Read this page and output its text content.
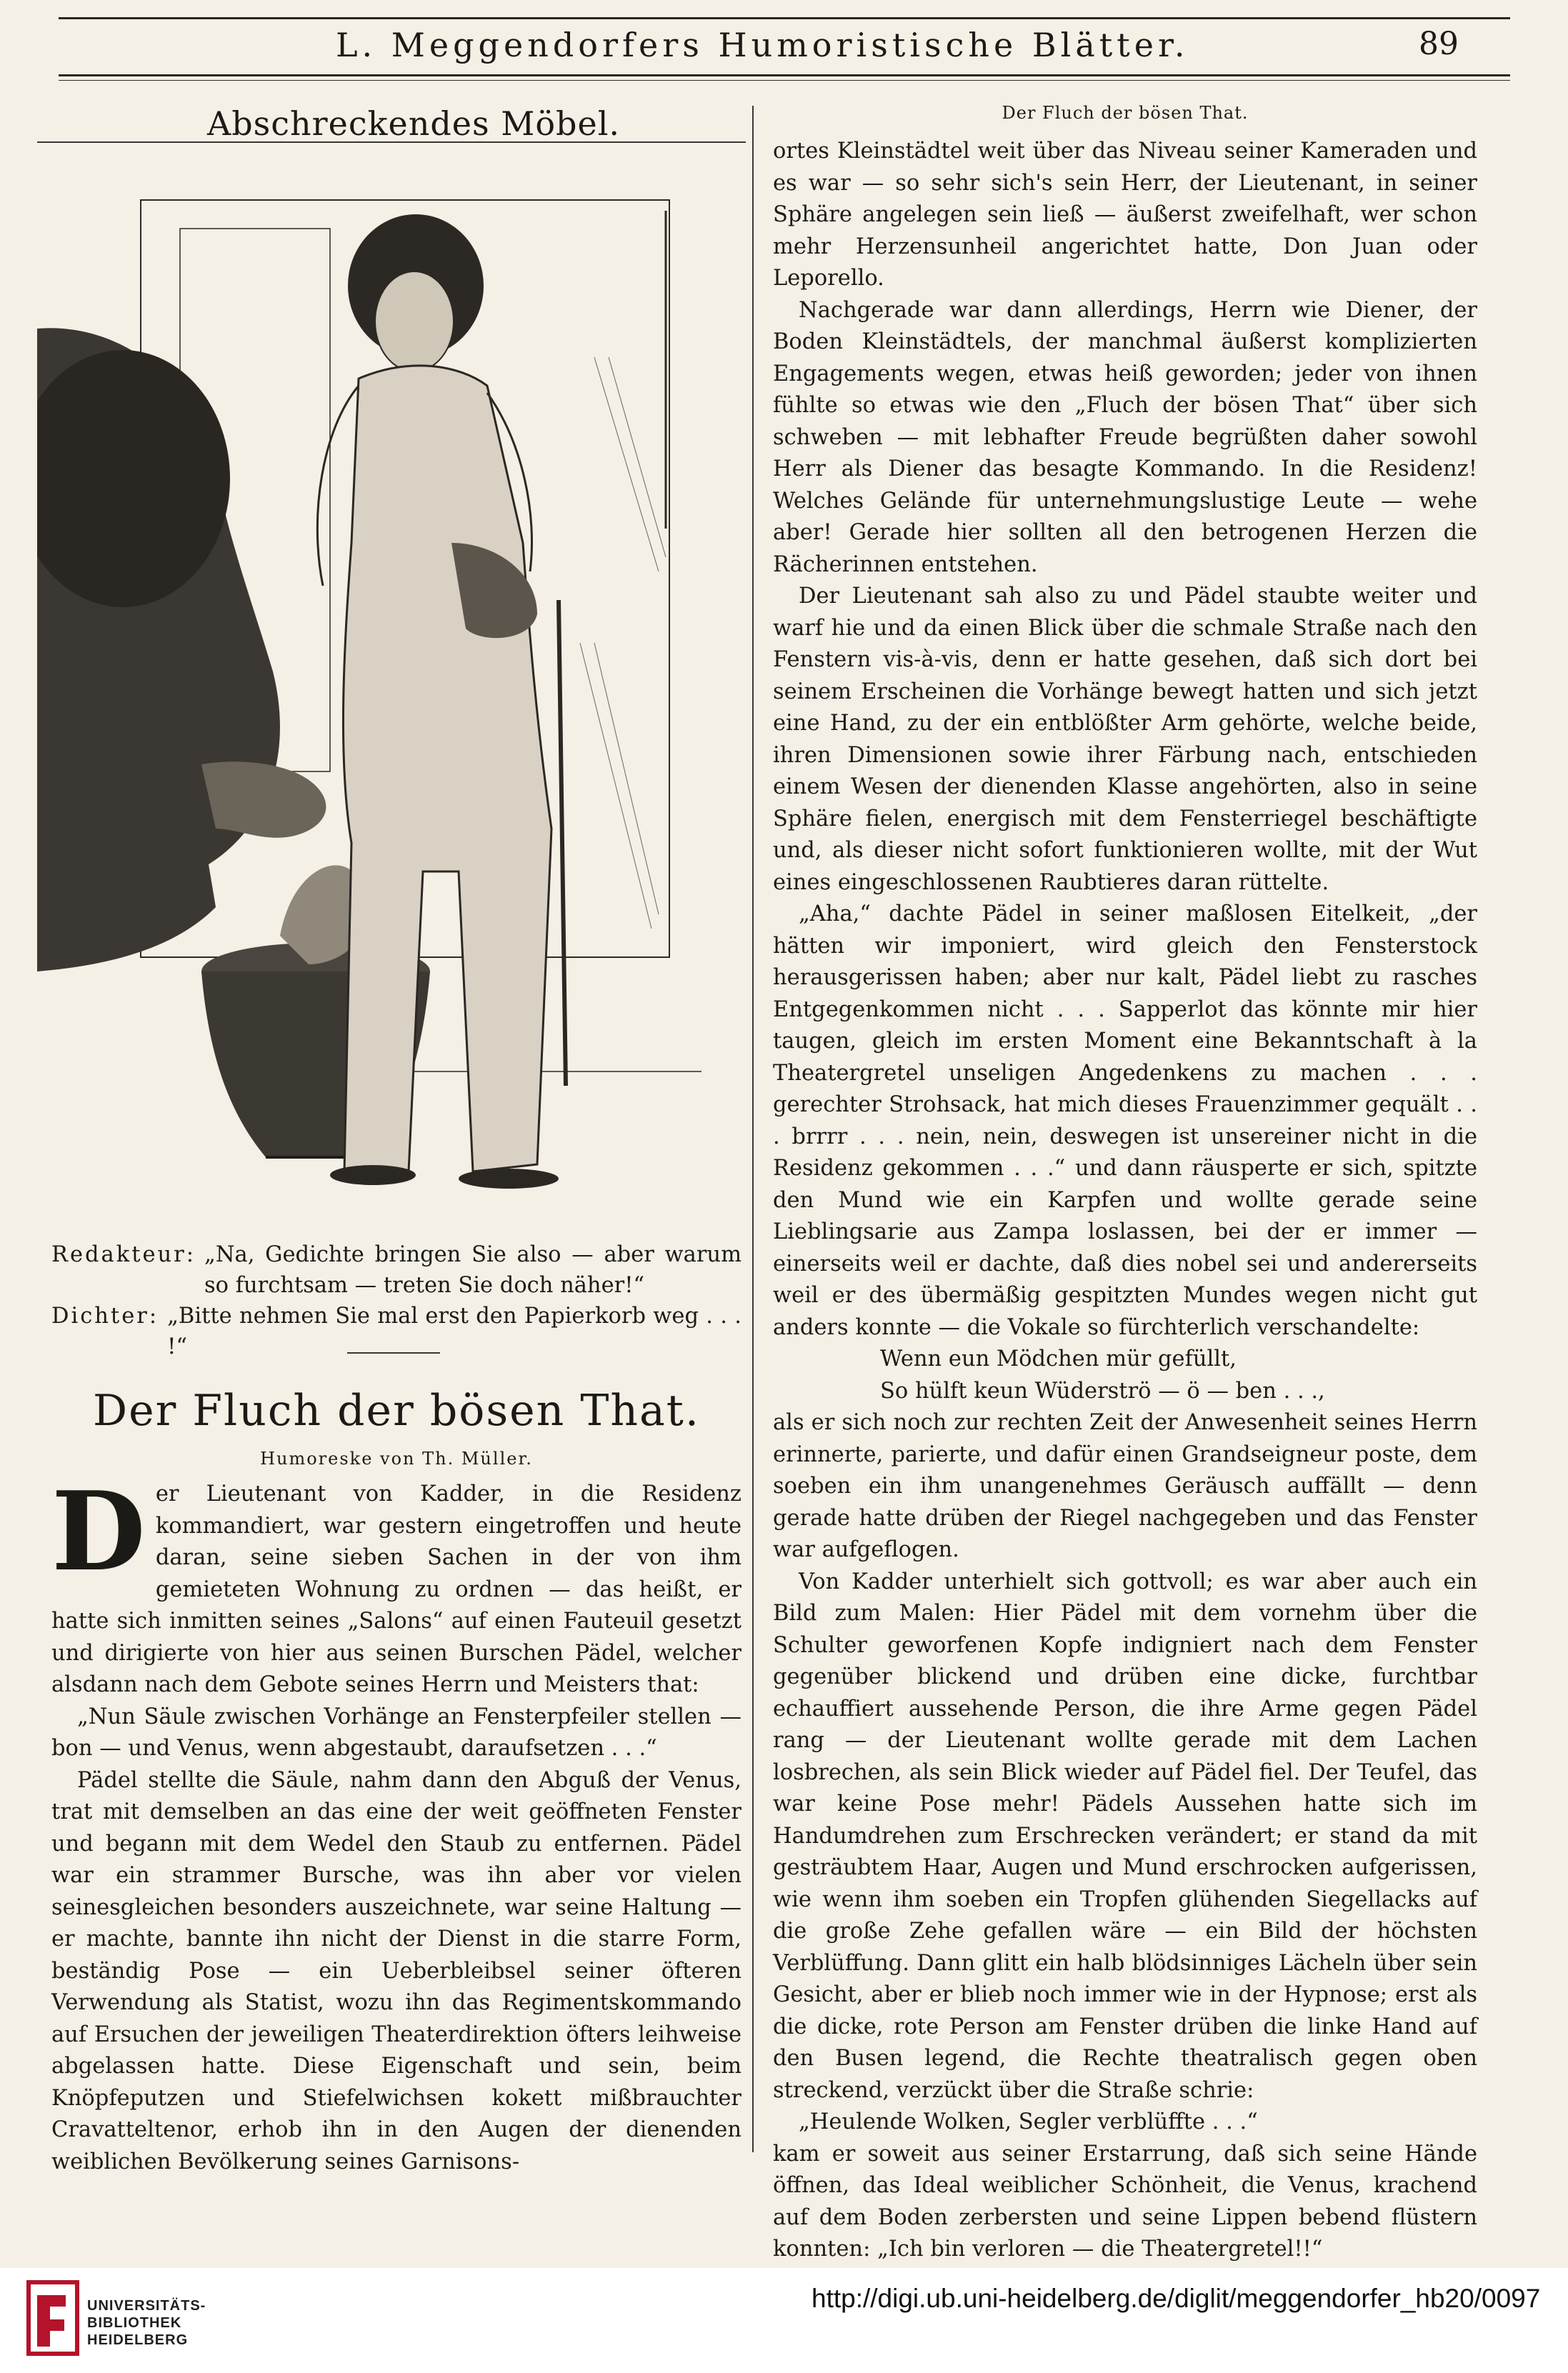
L. Meggendorfers Humoristische Blätter.	89
Abschreckendes Möbel.
Redakteur: „Na, Gedichte bringen Sie also — aber warum so furchtsam — treten Sie doch näher!“
Dichter: „Bitte nehmen Sie mal erst den Papierkorb weg . . . !“
Der Fluch der bösen That.
Humoreske von Th. Müller.

Der Lieutenant von Kadder, in die Residenz kommandiert, war gestern eingetroffen und heute daran, seine sieben Sachen in der von ihm gemieteten Wohnung zu ordnen — das heißt, er hatte sich inmitten seines „Salons“ auf einen Fauteuil gesetzt und dirigierte von hier aus seinen Burschen Pädel, welcher alsdann nach dem Gebote seines Herrn und Meisters that:

„Nun Säule zwischen Vorhänge an Fensterpfeiler stellen — bon — und Venus, wenn abgestaubt, daraufsetzen . . .“

Pädel stellte die Säule, nahm dann den Abguß der Venus, trat mit demselben an das eine der weit geöffneten Fenster und begann mit dem Wedel den Staub zu entfernen. Pädel war ein strammer Bursche, was ihn aber vor vielen seinesgleichen besonders auszeichnete, war seine Haltung — er machte, bannte ihn nicht der Dienst in die starre Form, beständig Pose — ein Ueberbleibsel seiner öfteren Verwendung als Statist, wozu ihn das Regimentskommando auf Ersuchen der jeweiligen Theaterdirektion öfters leihweise abgelassen hatte. Diese Eigenschaft und sein, beim Knöpfeputzen und Stiefelwichsen kokett mißbrauchter Cravatteltenor, erhob ihn in den Augen der dienenden weiblichen Bevölkerung seines Garnisons-

Der Fluch der bösen That.

ortes Kleinstädtel weit über das Niveau seiner Kameraden und es war — so sehr sich's sein Herr, der Lieutenant, in seiner Sphäre angelegen sein ließ — äußerst zweifelhaft, wer schon mehr Herzensunheil angerichtet hatte, Don Juan oder Leporello.

Nachgerade war dann allerdings, Herrn wie Diener, der Boden Kleinstädtels, der manchmal äußerst komplizierten Engagements wegen, etwas heiß geworden; jeder von ihnen fühlte so etwas wie den „Fluch der bösen That“ über sich schweben — mit lebhafter Freude begrüßten daher sowohl Herr als Diener das besagte Kommando. In die Residenz! Welches Gelände für unternehmungslustige Leute — wehe aber! Gerade hier sollten all den betrogenen Herzen die Rächerinnen entstehen.

Der Lieutenant sah also zu und Pädel staubte weiter und warf hie und da einen Blick über die schmale Straße nach den Fenstern vis-à-vis, denn er hatte gesehen, daß sich dort bei seinem Erscheinen die Vorhänge bewegt hatten und sich jetzt eine Hand, zu der ein entblößter Arm gehörte, welche beide, ihren Dimensionen sowie ihrer Färbung nach, entschieden einem Wesen der dienenden Klasse angehörten, also in seine Sphäre fielen, energisch mit dem Fensterriegel beschäftigte und, als dieser nicht sofort funktionieren wollte, mit der Wut eines eingeschlossenen Raubtieres daran rüttelte.

„Aha,“ dachte Pädel in seiner maßlosen Eitelkeit, „der hätten wir imponiert, wird gleich den Fensterstock herausgerissen haben; aber nur kalt, Pädel liebt zu rasches Entgegenkommen nicht . . . Sapperlot das könnte mir hier taugen, gleich im ersten Moment eine Bekanntschaft à la Theatergretel unseligen Angedenkens zu machen . . . gerechter Strohsack, hat mich dieses Frauenzimmer gequält . . . brrrr . . . nein, nein, deswegen ist unsereiner nicht in die Residenz gekommen . . .“ und dann räusperte er sich, spitzte den Mund wie ein Karpfen und wollte gerade seine Lieblingsarie aus Zampa loslassen, bei der er immer — einerseits weil er dachte, daß dies nobel sei und andererseits weil er des übermäßig gespitzten Mundes wegen nicht gut anders konnte — die Vokale so fürchterlich verschandelte:

Wenn eun Mödchen mür gefüllt,

So hülft keun Wüderströ — ö — ben . . .,

als er sich noch zur rechten Zeit der Anwesenheit seines Herrn erinnerte, parierte, und dafür einen Grandseigneur poste, dem soeben ein ihm unangenehmes Geräusch auffällt — denn gerade hatte drüben der Riegel nachgegeben und das Fenster war aufgeflogen.

Von Kadder unterhielt sich gottvoll; es war aber auch ein Bild zum Malen: Hier Pädel mit dem vornehm über die Schulter geworfenen Kopfe indigniert nach dem Fenster gegenüber blickend und drüben eine dicke, furchtbar echauffiert aussehende Person, die ihre Arme gegen Pädel rang — der Lieutenant wollte gerade mit dem Lachen losbrechen, als sein Blick wieder auf Pädel fiel. Der Teufel, das war keine Pose mehr! Pädels Aussehen hatte sich im Handumdrehen zum Erschrecken verändert; er stand da mit gesträubtem Haar, Augen und Mund erschrocken aufgerissen, wie wenn ihm soeben ein Tropfen glühenden Siegellacks auf die große Zehe gefallen wäre — ein Bild der höchsten Verblüffung. Dann glitt ein halb blödsinniges Lächeln über sein Gesicht, aber er blieb noch immer wie in der Hypnose; erst als die dicke, rote Person am Fenster drüben die linke Hand auf den Busen legend, die Rechte theatralisch gegen oben streckend, verzückt über die Straße schrie:

„Heulende Wolken, Segler verblüffte . . .“

kam er soweit aus seiner Erstarrung, daß sich seine Hände öffnen, das Ideal weiblicher Schönheit, die Venus, krachend auf dem Boden zerbersten und seine Lippen bebend flüstern konnten: „Ich bin verloren — die Theatergretel!!“

UNIVERSITÄTS-
BIBLIOTHEK
HEIDELBERG
http://digi.ub.uni-heidelberg.de/diglit/meggendorfer_hb20/0097
